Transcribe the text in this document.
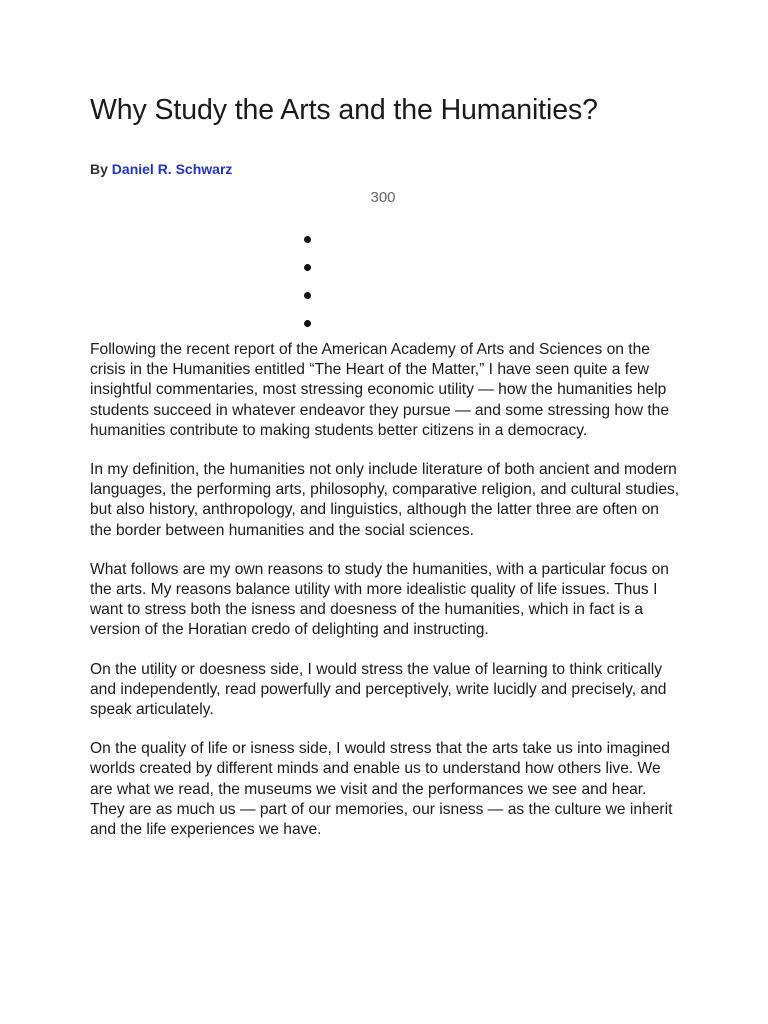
Why Study the Arts and the Humanities?
By Daniel R. Schwarz
300

Following the recent report of the American Academy of Arts and Sciences on the crisis in the Humanities entitled “The Heart of the Matter,” I have seen quite a few insightful commentaries, most stressing economic utility — how the humanities help students succeed in whatever endeavor they pursue — and some stressing how the humanities contribute to making students better citizens in a democracy.

In my definition, the humanities not only include literature of both ancient and modern languages, the performing arts, philosophy, comparative religion, and cultural studies, but also history, anthropology, and linguistics, although the latter three are often on the border between humanities and the social sciences.

What follows are my own reasons to study the humanities, with a particular focus on the arts. My reasons balance utility with more idealistic quality of life issues. Thus I want to stress both the isness and doesness of the humanities, which in fact is a version of the Horatian credo of delighting and instructing.

On the utility or doesness side, I would stress the value of learning to think critically and independently, read powerfully and perceptively, write lucidly and precisely, and speak articulately.

On the quality of life or isness side, I would stress that the arts take us into imagined worlds created by different minds and enable us to understand how others live. We are what we read, the museums we visit and the performances we see and hear. They are as much us — part of our memories, our isness — as the culture we inherit and the life experiences we have.
